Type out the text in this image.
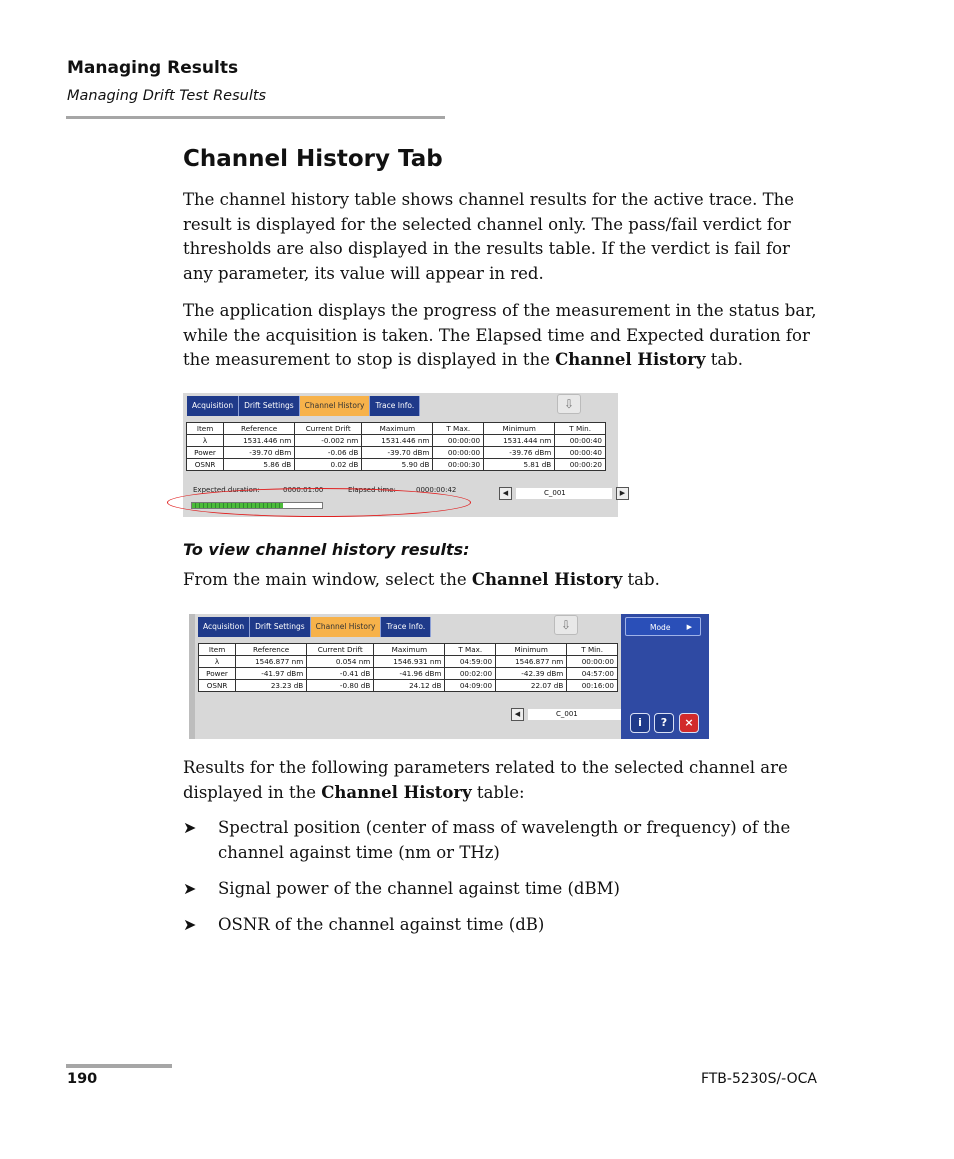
Managing Results
Managing Drift Test Results
Channel History Tab
The channel history table shows channel results for the active trace. The result is displayed for the selected channel only. The pass/fail verdict for thresholds are also displayed in the results table. If the verdict is fail for any parameter, its value will appear in red.
The application displays the progress of the measurement in the status bar, while the acquisition is taken. The Elapsed time and Expected duration for the measurement to stop is displayed in the Channel History tab.
Acquisition	Drift Settings	Channel History	Trace Info.	⇩
Item	Reference	Current Drift	Maximum	T Max.	Minimum	T Min.
λ	1531.446 nm	-0.002 nm	1531.446 nm	00:00:00	1531.444 nm	00:00:40
Power	-39.70 dBm	-0.06 dB	-39.70 dBm	00:00:00	-39.76 dBm	00:00:40
OSNR	5.86 dB	0.02 dB	5.90 dB	00:00:30	5.81 dB	00:00:20
Expected duration:	0000:01:00	Elapsed time:	0000:00:42	◀	C_001	▶
To view channel history results:
From the main window, select the Channel History tab.
Acquisition	Drift Settings	Channel History	Trace Info.	⇩
Item	Reference	Current Drift	Maximum	T Max.	Minimum	T Min.
λ	1546.877 nm	0.054 nm	1546.931 nm	04:59:00	1546.877 nm	00:00:00
Power	-41.97 dBm	-0.41 dB	-41.96 dBm	00:02:00	-42.39 dBm	04:57:00
OSNR	23.23 dB	-0.80 dB	24.12 dB	04:09:00	22.07 dB	00:16:00
◀	C_001
Mode ▶
i	?	×
Results for the following parameters related to the selected channel are displayed in the Channel History table:
➤ Spectral position (center of mass of wavelength or frequency) of the channel against time (nm or THz)
➤ Signal power of the channel against time (dBM)
➤ OSNR of the channel against time (dB)
190	FTB-5230S/-OCA
